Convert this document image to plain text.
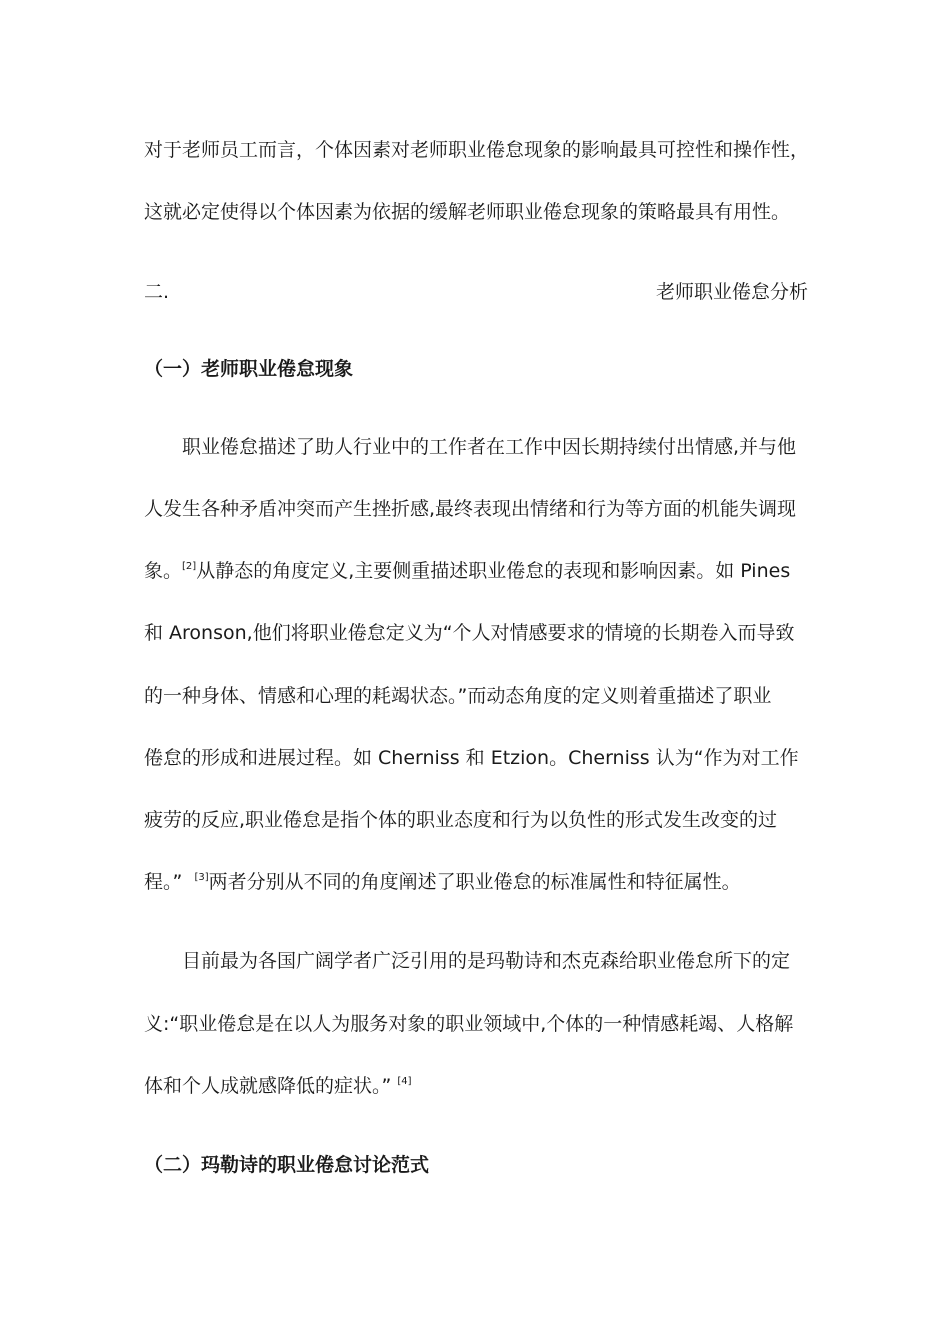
对于老师员工而言，个体因素对老师职业倦怠现象的影响最具可控性和操作性，
这就必定使得以个体因素为依据的缓解老师职业倦怠现象的策略最具有用性。
二.	老师职业倦怠分析
（一）老师职业倦怠现象
职业倦怠描述了助人行业中的工作者在工作中因长期持续付出情感,并与他
人发生各种矛盾冲突而产生挫折感,最终表现出情绪和行为等方面的机能失调现
象。[2]从静态的角度定义,主要侧重描述职业倦怠的表现和影响因素。如 Pines
和 Aronson,他们将职业倦怠定义为“个人对情感要求的情境的长期卷入而导致
的一种身体、情感和心理的耗竭状态。”而动态角度的定义则着重描述了职业
倦怠的形成和进展过程。如 Cherniss 和 Etzion。Cherniss 认为“作为对工作
疲劳的反应,职业倦怠是指个体的职业态度和行为以负性的形式发生改变的过
程。” [3]两者分别从不同的角度阐述了职业倦怠的标准属性和特征属性。
目前最为各国广阔学者广泛引用的是玛勒诗和杰克森给职业倦怠所下的定
义:“职业倦怠是在以人为服务对象的职业领域中,个体的一种情感耗竭、人格解
体和个人成就感降低的症状。” [4]
（二）玛勒诗的职业倦怠讨论范式
